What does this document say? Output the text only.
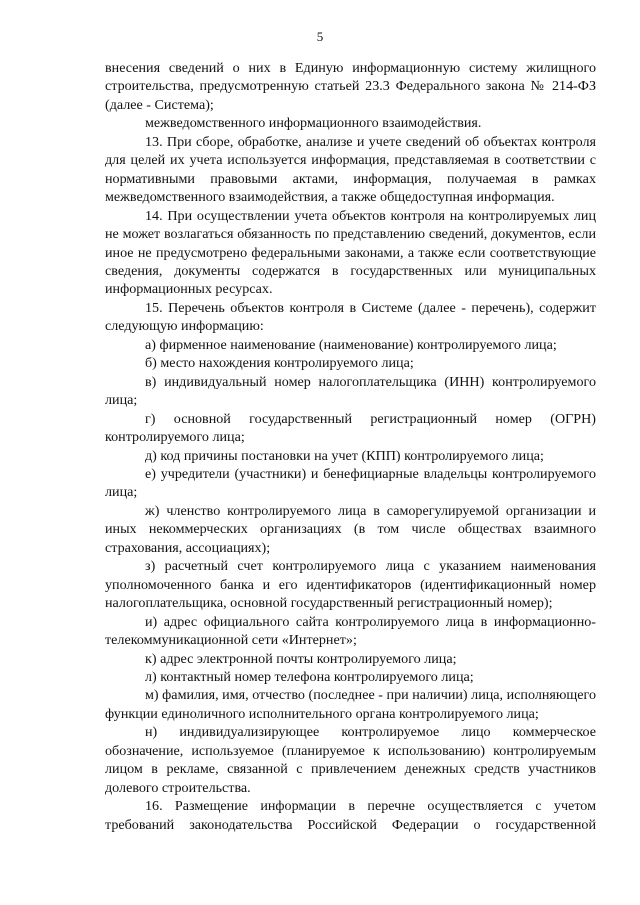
5

внесения сведений о них в Единую информационную систему жилищного строительства, предусмотренную статьей 23.3 Федерального закона № 214-ФЗ (далее - Система);

межведомственного информационного взаимодействия.

13. При сборе, обработке, анализе и учете сведений об объектах контроля для целей их учета используется информация, представляемая в соответствии с нормативными правовыми актами, информация, получаемая в рамках межведомственного взаимодействия, а также общедоступная информация.

14. При осуществлении учета объектов контроля на контролируемых лиц не может возлагаться обязанность по представлению сведений, документов, если иное не предусмотрено федеральными законами, а также если соответствующие сведения, документы содержатся в государственных или муниципальных информационных ресурсах.

15. Перечень объектов контроля в Системе (далее - перечень), содержит следующую информацию:

а) фирменное наименование (наименование) контролируемого лица;

б) место нахождения контролируемого лица;

в) индивидуальный номер налогоплательщика (ИНН) контролируемого лица;

г) основной государственный регистрационный номер (ОГРН) контролируемого лица;

д) код причины постановки на учет (КПП) контролируемого лица;

е) учредители (участники) и бенефициарные владельцы контролируемого лица;

ж) членство контролируемого лица в саморегулируемой организации и иных некоммерческих организациях (в том числе обществах взаимного страхования, ассоциациях);

з) расчетный счет контролируемого лица с указанием наименования уполномоченного банка и его идентификаторов (идентификационный номер налогоплательщика, основной государственный регистрационный номер);

и) адрес официального сайта контролируемого лица в информационно-телекоммуникационной сети «Интернет»;

к) адрес электронной почты контролируемого лица;

л) контактный номер телефона контролируемого лица;

м) фамилия, имя, отчество (последнее - при наличии) лица, исполняющего функции единоличного исполнительного органа контролируемого лица;

н) индивидуализирующее контролируемое лицо коммерческое обозначение, используемое (планируемое к использованию) контролируемым лицом в рекламе, связанной с привлечением денежных средств участников долевого строительства.

16. Размещение информации в перечне осуществляется с учетом требований законодательства Российской Федерации о государственной
